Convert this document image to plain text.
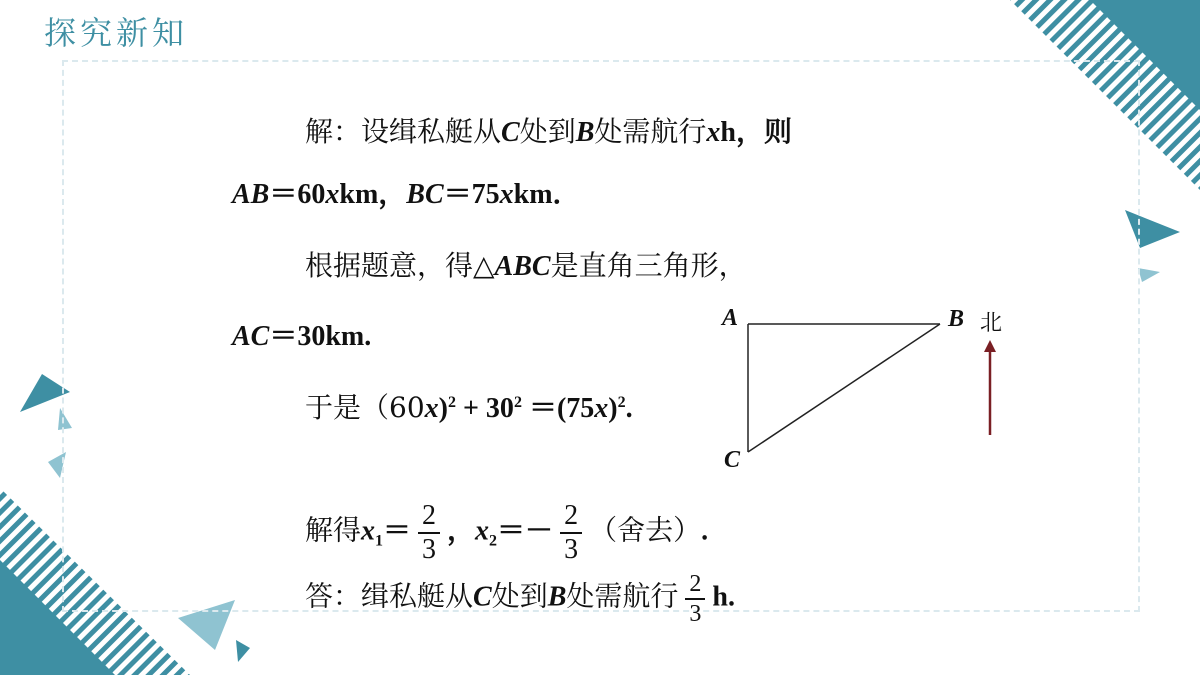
探究新知
解：设缉私艇从C处到B处需航行xh，则
AB＝60xkm，BC＝75xkm．
根据题意，得△ABC是直角三角形，
AC＝30km.
于是$(60x)^2 + 30^2 =(75x)^2$.
解得$x_1= \frac{2}{3}$ ，$x_2=- \frac{2}{3}$ （舍去）.
答：缉私艇从C处到B处需航行 $\frac{2}{3} h$.
A	B
C
北
